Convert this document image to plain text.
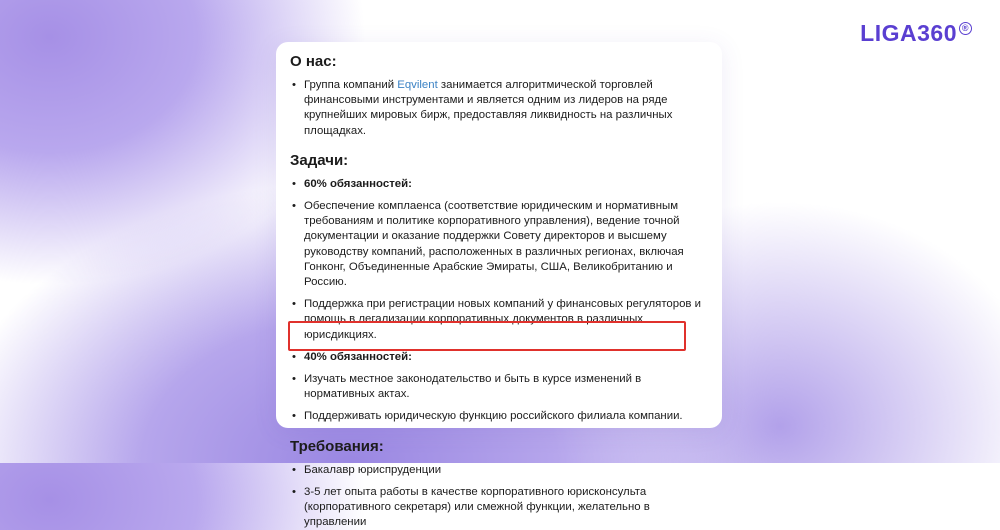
LIGA360 ®
О нас:
• Группа компаний Eqvilent занимается алгоритмической торговлей финансовыми инструментами и является одним из лидеров на ряде крупнейших мировых бирж, предоставляя ликвидность на различных площадках.
Задачи:
• 60% обязанностей:
• Обеспечение комплаенса (соответствие юридическим и нормативным требованиям и политике корпоративного управления), ведение точной документации и оказание поддержки Совету директоров и высшему руководству компаний, расположенных в различных регионах, включая Гонконг, Объединенные Арабские Эмираты, США, Великобританию и Россию.
• Поддержка при регистрации новых компаний у финансовых регуляторов и помощь в легализации корпоративных документов в различных юрисдикциях.
• 40% обязанностей:
• Изучать местное законодательство и быть в курсе изменений в нормативных актах.
• Поддерживать юридическую функцию российского филиала компании.
Требования:
• Бакалавр юриспруденции
• 3-5 лет опыта работы в качестве корпоративного юрисконсульта (корпоративного секретаря) или смежной функции, желательно в управлении
